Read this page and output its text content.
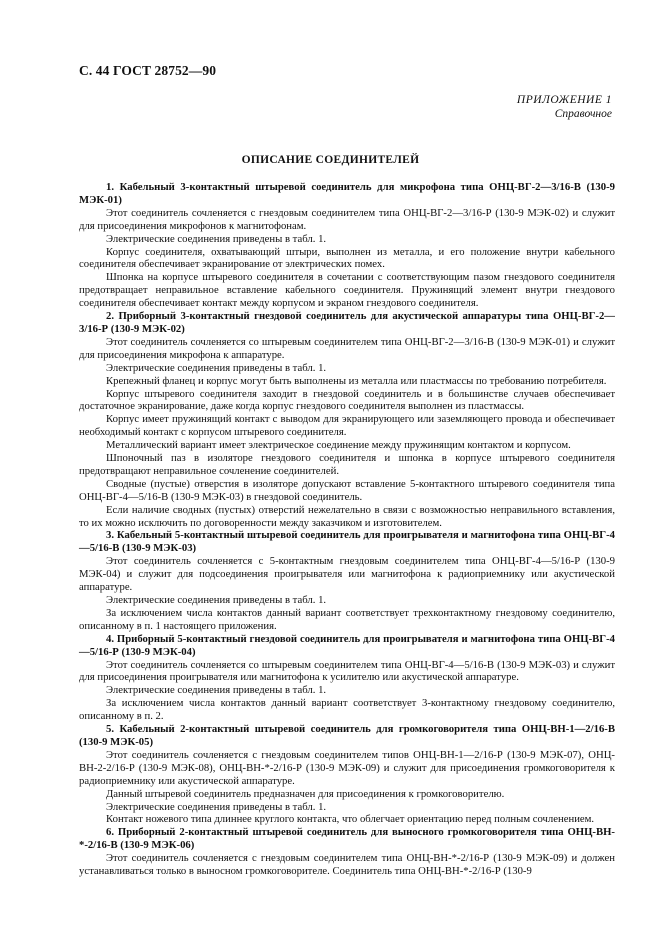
С. 44 ГОСТ 28752—90
ПРИЛОЖЕНИЕ 1
Справочное
ОПИСАНИЕ СОЕДИНИТЕЛЕЙ

1. Кабельный 3-контактный штыревой соединитель для микрофона типа ОНЦ-ВГ-2—3/16-В (130-9 МЭК-01)

Этот соединитель сочленяется с гнездовым соединителем типа ОНЦ-ВГ-2—3/16-Р (130-9 МЭК-02) и служит для присоединения микрофонов к магнитофонам.

Электрические соединения приведены в табл. 1.

Корпус соединителя, охватывающий штыри, выполнен из металла, и его положение внутри кабельного соединителя обеспечивает экранирование от электрических помех.

Шпонка на корпусе штыревого соединителя в сочетании с соответствующим пазом гнездового соединителя предотвращает неправильное вставление кабельного соединителя. Пружинящий элемент внутри гнездового соединителя обеспечивает контакт между корпусом и экраном гнездового соединителя.

2. Приборный 3-контактный гнездовой соединитель для акустической аппаратуры типа ОНЦ-ВГ-2—3/16-Р (130-9 МЭК-02)

Этот соединитель сочленяется со штыревым соединителем типа ОНЦ-ВГ-2—3/16-В (130-9 МЭК-01) и служит для присоединения микрофона к аппаратуре.

Электрические соединения приведены в табл. 1.

Крепежный фланец и корпус могут быть выполнены из металла или пластмассы по требованию потребителя.

Корпус штыревого соединителя заходит в гнездовой соединитель и в большинстве случаев обеспечивает достаточное экранирование, даже когда корпус гнездового соединителя выполнен из пластмассы.

Корпус имеет пружинящий контакт с выводом для экранирующего или заземляющего провода и обеспечивает необходимый контакт с корпусом штыревого соединителя.

Металлический вариант имеет электрическое соединение между пружинящим контактом и корпусом.

Шпоночный паз в изоляторе гнездового соединителя и шпонка в корпусе штыревого соединителя предотвращают неправильное сочленение соединителей.

Сводные (пустые) отверстия в изоляторе допускают вставление 5-контактного штыревого соединителя типа ОНЦ-ВГ-4—5/16-В (130-9 МЭК-03) в гнездовой соединитель.

Если наличие сводных (пустых) отверстий нежелательно в связи с возможностью неправильного вставления, то их можно исключить по договоренности между заказчиком и изготовителем.

3. Кабельный 5-контактный штыревой соединитель для проигрывателя и магнитофона типа ОНЦ-ВГ-4—5/16-В (130-9 МЭК-03)

Этот соединитель сочленяется с 5-контактным гнездовым соединителем типа ОНЦ-ВГ-4—5/16-Р (130-9 МЭК-04) и служит для подсоединения проигрывателя или магнитофона к радиоприемнику или акустической аппаратуре.

Электрические соединения приведены в табл. 1.

За исключением числа контактов данный вариант соответствует трехконтактному гнездовому соединителю, описанному в п. 1 настоящего приложения.

4. Приборный 5-контактный гнездовой соединитель для проигрывателя и магнитофона типа ОНЦ-ВГ-4—5/16-Р (130-9 МЭК-04)

Этот соединитель сочленяется со штыревым соединителем типа ОНЦ-ВГ-4—5/16-В (130-9 МЭК-03) и служит для присоединения проигрывателя или магнитофона к усилителю или акустической аппаратуре.

Электрические соединения приведены в табл. 1.

За исключением числа контактов данный вариант соответствует 3-контактному гнездовому соединителю, описанному в п. 2.

5. Кабельный 2-контактный штыревой соединитель для громкоговорителя типа ОНЦ-ВН-1—2/16-В (130-9 МЭК-05)

Этот соединитель сочленяется с гнездовым соединителем типов ОНЦ-ВН-1—2/16-Р (130-9 МЭК-07), ОНЦ-ВН-2-2/16-Р (130-9 МЭК-08), ОНЦ-ВН-*-2/16-Р (130-9 МЭК-09) и служит для присоединения громкоговорителя к радиоприемнику или акустической аппаратуре.

Данный штыревой соединитель предназначен для присоединения к громкоговорителю.

Электрические соединения приведены в табл. 1.

Контакт ножевого типа длиннее круглого контакта, что облегчает ориентацию перед полным сочленением.

6. Приборный 2-контактный штыревой соединитель для выносного громкоговорителя типа ОНЦ-ВН-*-2/16-В (130-9 МЭК-06)

Этот соединитель сочленяется с гнездовым соединителем типа ОНЦ-ВН-*-2/16-Р (130-9 МЭК-09) и должен устанавливаться только в выносном громкоговорителе. Соединитель типа ОНЦ-ВН-*-2/16-Р (130-9
